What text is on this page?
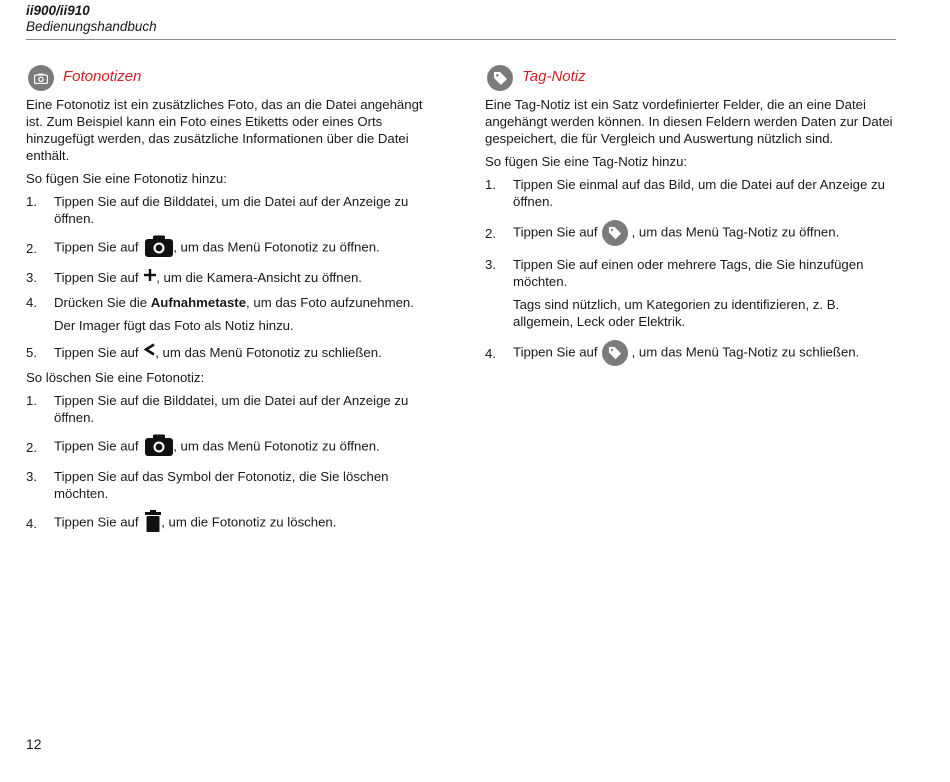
ii900/ii910
Bedienungshandbuch
Fotonotizen

Eine Fotonotiz ist ein zusätzliches Foto, das an die Datei angehängt ist. Zum Beispiel kann ein Foto eines Etiketts oder eines Orts hinzugefügt werden, das zusätzliche Informationen über die Datei enthält.

So fügen Sie eine Fotonotiz hinzu:

1.	Tippen Sie auf die Bilddatei, um die Datei auf der Anzeige zu öffnen.
2.	Tippen Sie auf	, um das Menü Fotonotiz zu öffnen.
3.	Tippen Sie auf , um die Kamera-Ansicht zu öffnen.
4.	Drücken Sie die Aufnahmetaste, um das Foto aufzunehmen.
Der Imager fügt das Foto als Notiz hinzu.
5.	Tippen Sie auf , um das Menü Fotonotiz zu schließen.

So löschen Sie eine Fotonotiz:

1.	Tippen Sie auf die Bilddatei, um die Datei auf der Anzeige zu öffnen.
2.	Tippen Sie auf	, um das Menü Fotonotiz zu öffnen.
3.	Tippen Sie auf das Symbol der Fotonotiz, die Sie löschen möchten.
4.	Tippen Sie auf , um die Fotonotiz zu löschen.
Tag-Notiz

Eine Tag-Notiz ist ein Satz vordefinierter Felder, die an eine Datei angehängt werden können. In diesen Feldern werden Daten zur Datei gespeichert, die für Vergleich und Auswertung nützlich sind.

So fügen Sie eine Tag-Notiz hinzu:

1.	Tippen Sie einmal auf das Bild, um die Datei auf der Anzeige zu öffnen.
2.	Tippen Sie auf	, um das Menü Tag-Notiz zu öffnen.
3.	Tippen Sie auf einen oder mehrere Tags, die Sie hinzufügen möchten.
Tags sind nützlich, um Kategorien zu identifizieren, z. B. allgemein, Leck oder Elektrik.
4.	Tippen Sie auf	, um das Menü Tag-Notiz zu schließen.
12
